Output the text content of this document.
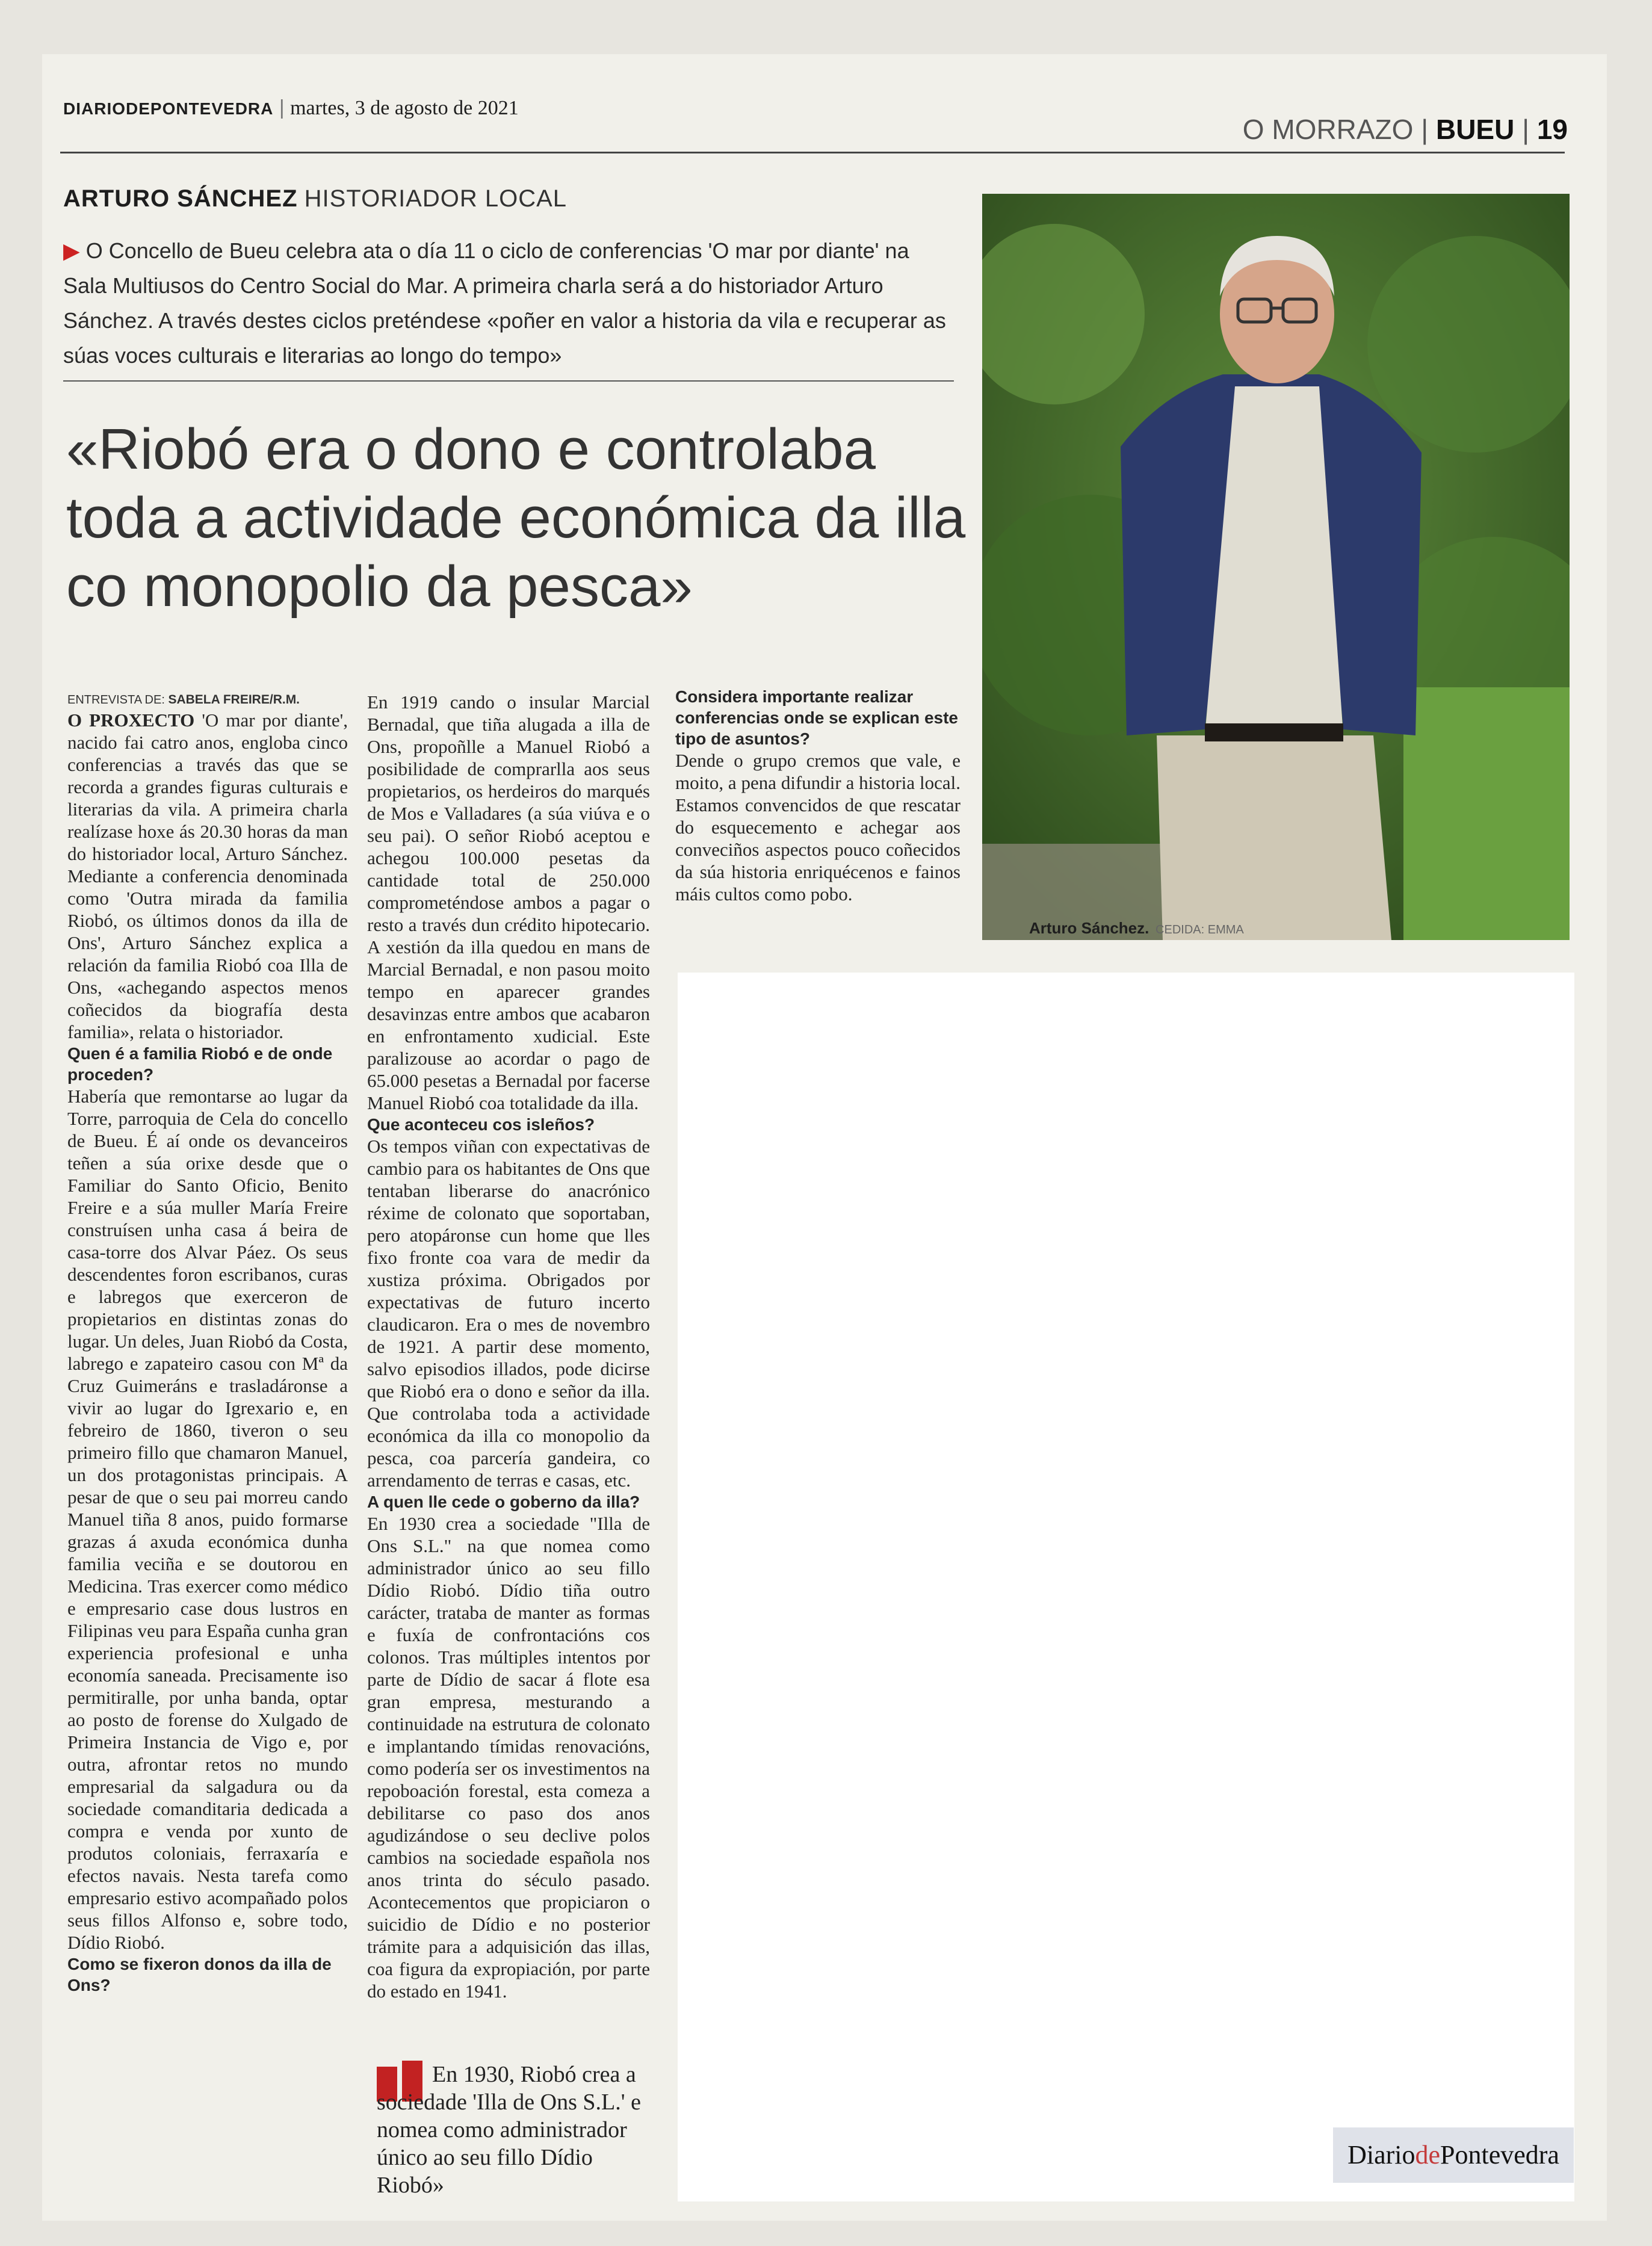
DIARIODEPONTEVEDRA | martes, 3 de agosto de 2021
O MORRAZO | BUEU | 19
ARTURO SÁNCHEZ HISTORIADOR LOCAL
▶ O Concello de Bueu celebra ata o día 11 o ciclo de conferencias 'O mar por diante' na Sala Multiusos do Centro Social do Mar. A primeira charla será a do historiador Arturo Sánchez. A través destes ciclos preténdese «poñer en valor a historia da vila e recuperar as súas voces culturais e literarias ao longo do tempo»
«Riobó era o dono e controlaba toda a actividade económica da illa co monopolio da pesca»
Arturo Sánchez. CEDIDA: EMMA
ENTREVISTA DE: SABELA FREIRE/R.M.

O PROXECTO 'O mar por diante', nacido fai catro anos, engloba cinco conferencias a través das que se recorda a grandes figuras culturais e literarias da vila. A primeira charla realízase hoxe ás 20.30 horas da man do historiador local, Arturo Sánchez. Mediante a conferencia denominada como 'Outra mirada da familia Riobó, os últimos donos da illa de Ons', Arturo Sánchez explica a relación da familia Riobó coa Illa de Ons, «achegando aspectos menos coñecidos da biografía desta familia», relata o historiador.

Quen é a familia Riobó e de onde proceden?

Habería que remontarse ao lugar da Torre, parroquia de Cela do concello de Bueu. É aí onde os devanceiros teñen a súa orixe desde que o Familiar do Santo Oficio, Benito Freire e a súa muller María Freire construísen unha casa á beira de casa-torre dos Alvar Páez. Os seus descendentes foron escribanos, curas e labregos que exerceron de propietarios en distintas zonas do lugar. Un deles, Juan Riobó da Costa, labrego e zapateiro casou con Mª da Cruz Guimeráns e trasladáronse a vivir ao lugar do Igrexario e, en febreiro de 1860, tiveron o seu primeiro fillo que chamaron Manuel, un dos protagonistas principais. A pesar de que o seu pai morreu cando Manuel tiña 8 anos, puido formarse grazas á axuda económica dunha familia veciña e se doutorou en Medicina. Tras exercer como médico e empresario case dous lustros en Filipinas veu para España cunha gran experiencia profesional e unha economía saneada. Precisamente iso permitiralle, por unha banda, optar ao posto de forense do Xulgado de Primeira Instancia de Vigo e, por outra, afrontar retos no mundo empresarial da salgadura ou da sociedade comanditaria dedicada a compra e venda por xunto de produtos coloniais, ferraxaría e efectos navais. Nesta tarefa como empresario estivo acompañado polos seus fillos Alfonso e, sobre todo, Dídio Riobó.

Como se fixeron donos da illa de Ons?

En 1919 cando o insular Marcial Bernadal, que tiña alugada a illa de Ons, propoñlle a Manuel Riobó a posibilidade de comprarlla aos seus propietarios, os herdeiros do marqués de Mos e Valladares (a súa viúva e o seu pai). O señor Riobó aceptou e achegou 100.000 pesetas da cantidade total de 250.000 comprometéndose ambos a pagar o resto a través dun crédito hipotecario. A xestión da illa quedou en mans de Marcial Bernadal, e non pasou moito tempo en aparecer grandes desavinzas entre ambos que acabaron en enfrontamento xudicial. Este paralizouse ao acordar o pago de 65.000 pesetas a Bernadal por facerse Manuel Riobó coa totalidade da illa.

Que aconteceu cos isleños?

Os tempos viñan con expectativas de cambio para os habitantes de Ons que tentaban liberarse do anacrónico réxime de colonato que soportaban, pero atopáronse cun home que lles fixo fronte coa vara de medir da xustiza próxima. Obrigados por expectativas de futuro incerto claudicaron. Era o mes de novembro de 1921. A partir dese momento, salvo episodios illados, pode dicirse que Riobó era o dono e señor da illa. Que controlaba toda a actividade económica da illa co monopolio da pesca, coa parcería gandeira, co arrendamento de terras e casas, etc.

A quen lle cede o goberno da illa?

En 1930 crea a sociedade "Illa de Ons S.L." na que nomea como administrador único ao seu fillo Dídio Riobó. Dídio tiña outro carácter, trataba de manter as formas e fuxía de confrontacións cos colonos. Tras múltiples intentos por parte de Dídio de sacar á flote esa gran empresa, mesturando a continuidade na estrutura de colonato e implantando tímidas renovacións, como podería ser os investimentos na repoboación forestal, esta comeza a debilitarse co paso dos anos agudizándose o seu declive polos cambios na sociedade española nos anos trinta do século pasado. Acontecementos que propiciaron o suicidio de Dídio e no posterior trámite para a adquisición das illas, coa figura da expropiación, por parte do estado en 1941.

En 1930, Riobó crea a sociedade 'Illa de Ons S.L.' e nomea como administrador único ao seu fillo Dídio Riobó»

Considera importante realizar conferencias onde se explican este tipo de asuntos?

Dende o grupo cremos que vale, e moito, a pena difundir a historia local. Estamos convencidos de que rescatar do esquecemento e achegar aos conveciños aspectos pouco coñecidos da súa historia enriquécenos e fainos máis cultos como pobo.

DiariodePontevedra
